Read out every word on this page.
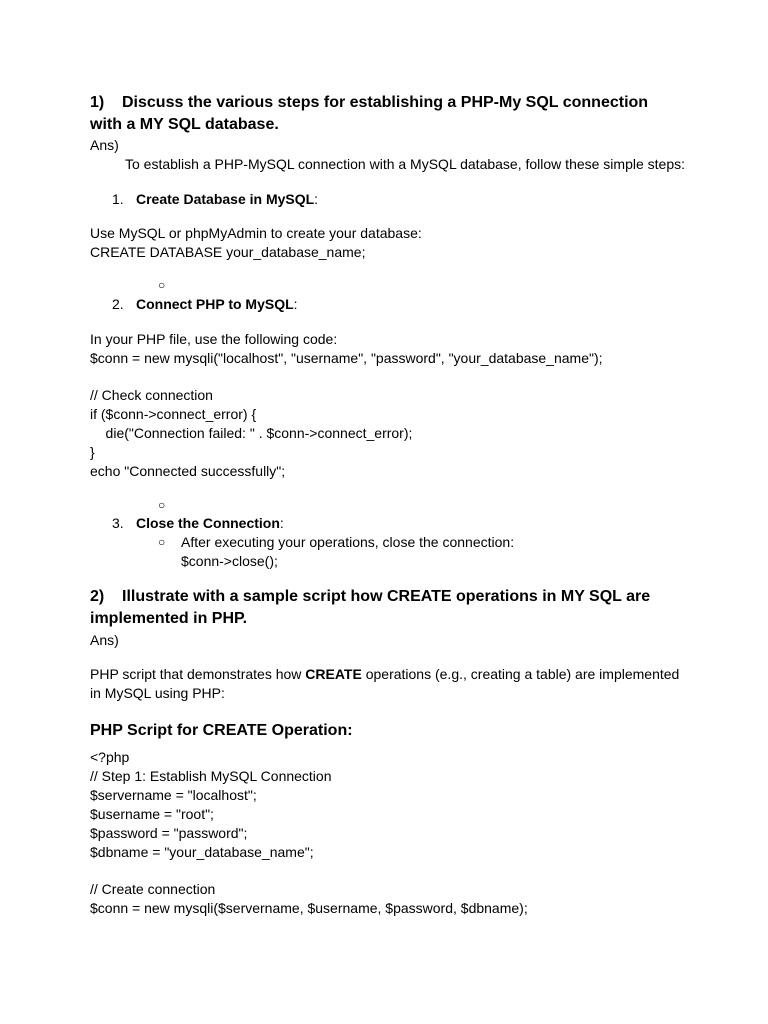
1) Discuss the various steps for establishing a PHP-My SQL connection
with a MY SQL database.

Ans)

To establish a PHP-MySQL connection with a MySQL database, follow these simple steps:

1. Create Database in MySQL:

Use MySQL or phpMyAdmin to create your database:

CREATE DATABASE your_database_name;

○

2. Connect PHP to MySQL:

In your PHP file, use the following code:

$conn = new mysqli("localhost", "username", "password", "your_database_name");

// Check connection

if ($conn->connect_error) {

die("Connection failed: " . $conn->connect_error);

}

echo "Connected successfully";

○

3. Close the Connection:

○ After executing your operations, close the connection:

$conn->close();

2) Illustrate with a sample script how CREATE operations in MY SQL are
implemented in PHP.

Ans)

PHP script that demonstrates how CREATE operations (e.g., creating a table) are implemented

in MySQL using PHP:

PHP Script for CREATE Operation:

<?php

// Step 1: Establish MySQL Connection

$servername = "localhost";

$username = "root";

$password = "password";

$dbname = "your_database_name";

// Create connection

$conn = new mysqli($servername, $username, $password, $dbname);
